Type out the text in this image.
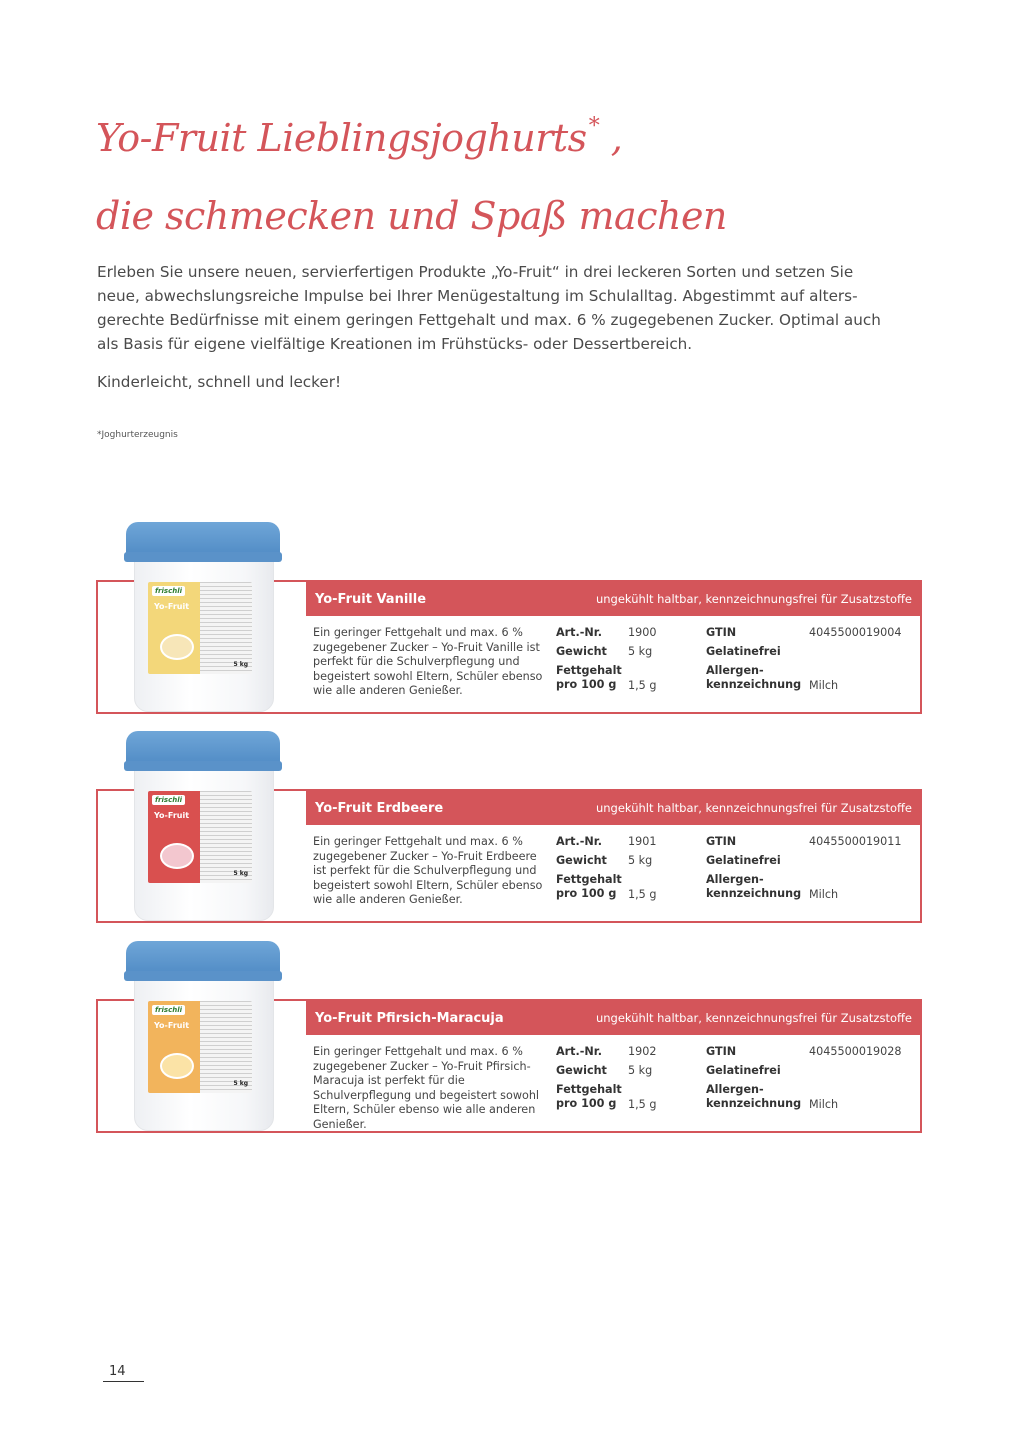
Yo-Fruit Lieblingsjoghurts* ,
die schmecken und Spaß machen

Erleben Sie unsere neuen, servierfertigen Produkte „Yo-Fruit“ in drei leckeren Sorten und setzen Sie neue, abwechslungsreiche Impulse bei Ihrer Menügestaltung im Schulalltag. Abgestimmt auf alters-gerechte Bedürfnisse mit einem geringen Fettgehalt und max. 6 % zugegebenen Zucker. Optimal auch als Basis für eigene vielfältige Kreationen im Frühstücks- oder Dessertbereich.

Kinderleicht, schnell und lecker!

*Joghurterzeugnis

Yo-Fruit Vanille	ungekühlt haltbar, kennzeichnungsfrei für Zusatzstoffe

Ein geringer Fettgehalt und max. 6 % zugegebener Zucker – Yo-Fruit Vanille ist perfekt für die Schulverpflegung und begeistert sowohl Eltern, Schüler ebenso wie alle anderen Genießer.

Art.-Nr. 1900
Gewicht 5 kg
Fettgehalt
pro 100 g 1,5 g
GTIN	4045500019004
Gelatinefrei
Allergen-
kennzeichnung Milch
frischli
Yo-Fruit
5 kg
Yo-Fruit Erdbeere	ungekühlt haltbar, kennzeichnungsfrei für Zusatzstoffe

Ein geringer Fettgehalt und max. 6 % zugegebener Zucker – Yo-Fruit Erdbeere ist perfekt für die Schulverpflegung und begeistert sowohl Eltern, Schüler ebenso wie alle anderen Genießer.

Art.-Nr. 1901
Gewicht 5 kg
Fettgehalt
pro 100 g 1,5 g
GTIN	4045500019011
Gelatinefrei
Allergen-
kennzeichnung Milch
frischli
Yo-Fruit
5 kg
Yo-Fruit Pfirsich-Maracuja	ungekühlt haltbar, kennzeichnungsfrei für Zusatzstoffe

Ein geringer Fettgehalt und max. 6 % zugegebener Zucker – Yo-Fruit Pfirsich-Maracuja ist perfekt für die Schulverpflegung und begeistert sowohl Eltern, Schüler ebenso wie alle anderen Genießer.

Art.-Nr. 1902
Gewicht 5 kg
Fettgehalt
pro 100 g 1,5 g
GTIN	4045500019028
Gelatinefrei
Allergen-
kennzeichnung Milch
frischli
Yo-Fruit
5 kg
14
